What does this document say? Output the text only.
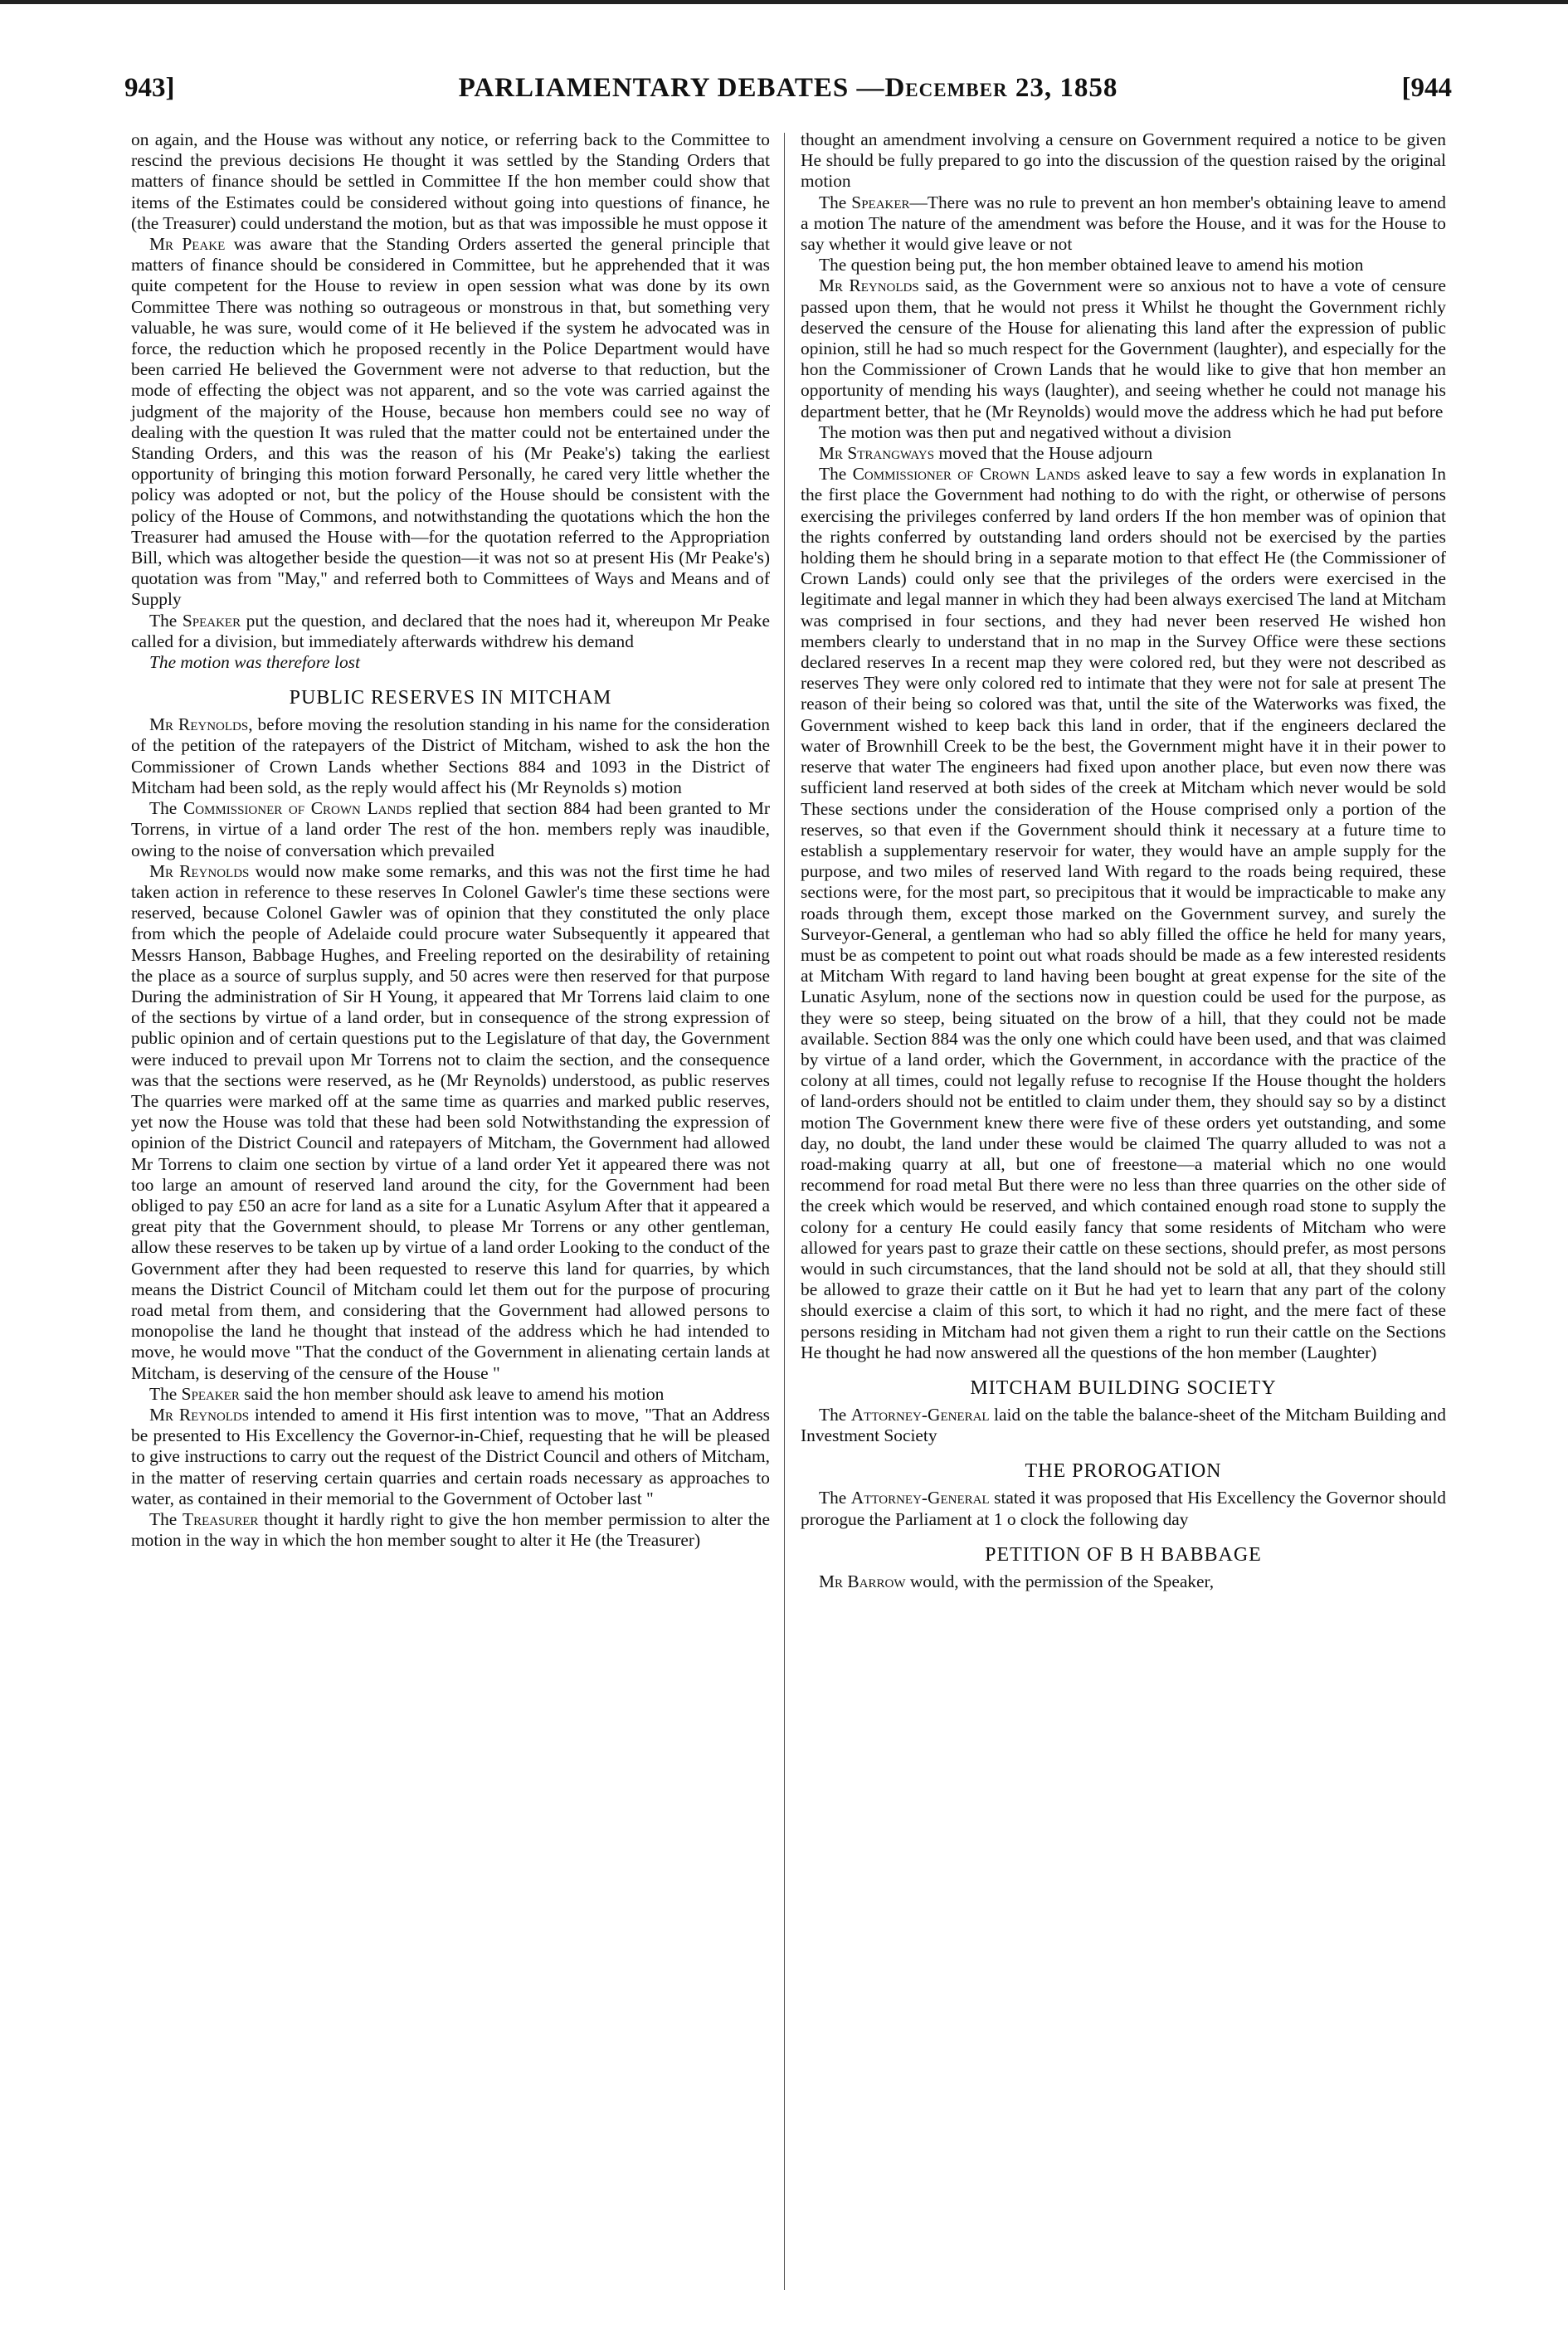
943]	PARLIAMENTARY DEBATES —December 23, 1858	[944

on again, and the House was without any notice, or referring back to the Committee to rescind the previous decisions He thought it was settled by the Standing Orders that matters of finance should be settled in Committee If the hon member could show that items of the Estimates could be considered without going into questions of finance, he (the Treasurer) could understand the motion, but as that was impossible he must oppose it

Mr Peake was aware that the Standing Orders asserted the general principle that matters of finance should be considered in Committee, but he apprehended that it was quite competent for the House to review in open session what was done by its own Committee There was nothing so outrageous or monstrous in that, but something very valuable, he was sure, would come of it He believed if the system he advocated was in force, the reduction which he proposed recently in the Police Department would have been carried He believed the Government were not adverse to that reduction, but the mode of effecting the object was not apparent, and so the vote was carried against the judgment of the majority of the House, because hon members could see no way of dealing with the question It was ruled that the matter could not be entertained under the Standing Orders, and this was the reason of his (Mr Peake's) taking the earliest opportunity of bringing this motion forward Personally, he cared very little whether the policy was adopted or not, but the policy of the House should be consistent with the policy of the House of Commons, and notwithstanding the quotations which the hon the Treasurer had amused the House with—for the quotation referred to the Appropriation Bill, which was altogether beside the question—it was not so at present His (Mr Peake's) quotation was from "May," and referred both to Committees of Ways and Means and of Supply

The Speaker put the question, and declared that the noes had it, whereupon Mr Peake called for a division, but immediately afterwards withdrew his demand

The motion was therefore lost

PUBLIC RESERVES IN MITCHAM

Mr Reynolds, before moving the resolution standing in his name for the consideration of the petition of the ratepayers of the District of Mitcham, wished to ask the hon the Commissioner of Crown Lands whether Sections 884 and 1093 in the District of Mitcham had been sold, as the reply would affect his (Mr Reynolds s) motion

The Commissioner of Crown Lands replied that section 884 had been granted to Mr Torrens, in virtue of a land order The rest of the hon. members reply was inaudible, owing to the noise of conversation which prevailed

Mr Reynolds would now make some remarks, and this was not the first time he had taken action in reference to these reserves In Colonel Gawler's time these sections were reserved, because Colonel Gawler was of opinion that they constituted the only place from which the people of Adelaide could procure water Subsequently it appeared that Messrs Hanson, Babbage Hughes, and Freeling reported on the desirability of retaining the place as a source of surplus supply, and 50 acres were then reserved for that purpose During the administration of Sir H Young, it appeared that Mr Torrens laid claim to one of the sections by virtue of a land order, but in consequence of the strong expression of public opinion and of certain questions put to the Legislature of that day, the Government were induced to prevail upon Mr Torrens not to claim the section, and the consequence was that the sections were reserved, as he (Mr Reynolds) understood, as public reserves The quarries were marked off at the same time as quarries and marked public reserves, yet now the House was told that these had been sold Notwithstanding the expression of opinion of the District Council and ratepayers of Mitcham, the Government had allowed Mr Torrens to claim one section by virtue of a land order Yet it appeared there was not too large an amount of reserved land around the city, for the Government had been obliged to pay £50 an acre for land as a site for a Lunatic Asylum After that it appeared a great pity that the Government should, to please Mr Torrens or any other gentleman, allow these reserves to be taken up by virtue of a land order Looking to the conduct of the Government after they had been requested to reserve this land for quarries, by which means the District Council of Mitcham could let them out for the purpose of procuring road metal from them, and considering that the Government had allowed persons to monopolise the land he thought that instead of the address which he had intended to move, he would move "That the conduct of the Government in alienating certain lands at Mitcham, is deserving of the censure of the House "

The Speaker said the hon member should ask leave to amend his motion

Mr Reynolds intended to amend it His first intention was to move, "That an Address be presented to His Excellency the Governor-in-Chief, requesting that he will be pleased to give instructions to carry out the request of the District Council and others of Mitcham, in the matter of reserving certain quarries and certain roads necessary as approaches to water, as contained in their memorial to the Government of October last "

The Treasurer thought it hardly right to give the hon member permission to alter the motion in the way in which the hon member sought to alter it He (the Treasurer)

thought an amendment involving a censure on Government required a notice to be given He should be fully prepared to go into the discussion of the question raised by the original motion

The Speaker—There was no rule to prevent an hon member's obtaining leave to amend a motion The nature of the amendment was before the House, and it was for the House to say whether it would give leave or not

The question being put, the hon member obtained leave to amend his motion

Mr Reynolds said, as the Government were so anxious not to have a vote of censure passed upon them, that he would not press it Whilst he thought the Government richly deserved the censure of the House for alienating this land after the expression of public opinion, still he had so much respect for the Government (laughter), and especially for the hon the Commissioner of Crown Lands that he would like to give that hon member an opportunity of mending his ways (laughter), and seeing whether he could not manage his department better, that he (Mr Reynolds) would move the address which he had put before

The motion was then put and negatived without a division

Mr Strangways moved that the House adjourn

The Commissioner of Crown Lands asked leave to say a few words in explanation In the first place the Government had nothing to do with the right, or otherwise of persons exercising the privileges conferred by land orders If the hon member was of opinion that the rights conferred by outstanding land orders should not be exercised by the parties holding them he should bring in a separate motion to that effect He (the Commissioner of Crown Lands) could only see that the privileges of the orders were exercised in the legitimate and legal manner in which they had been always exercised The land at Mitcham was comprised in four sections, and they had never been reserved He wished hon members clearly to understand that in no map in the Survey Office were these sections declared reserves In a recent map they were colored red, but they were not described as reserves They were only colored red to intimate that they were not for sale at present The reason of their being so colored was that, until the site of the Waterworks was fixed, the Government wished to keep back this land in order, that if the engineers declared the water of Brownhill Creek to be the best, the Government might have it in their power to reserve that water The engineers had fixed upon another place, but even now there was sufficient land reserved at both sides of the creek at Mitcham which never would be sold These sections under the consideration of the House comprised only a portion of the reserves, so that even if the Government should think it necessary at a future time to establish a supplementary reservoir for water, they would have an ample supply for the purpose, and two miles of reserved land With regard to the roads being required, these sections were, for the most part, so precipitous that it would be impracticable to make any roads through them, except those marked on the Government survey, and surely the Surveyor-General, a gentleman who had so ably filled the office he held for many years, must be as competent to point out what roads should be made as a few interested residents at Mitcham With regard to land having been bought at great expense for the site of the Lunatic Asylum, none of the sections now in question could be used for the purpose, as they were so steep, being situated on the brow of a hill, that they could not be made available. Section 884 was the only one which could have been used, and that was claimed by virtue of a land order, which the Government, in accordance with the practice of the colony at all times, could not legally refuse to recognise If the House thought the holders of land-orders should not be entitled to claim under them, they should say so by a distinct motion The Government knew there were five of these orders yet outstanding, and some day, no doubt, the land under these would be claimed The quarry alluded to was not a road-making quarry at all, but one of freestone—a material which no one would recommend for road metal But there were no less than three quarries on the other side of the creek which would be reserved, and which contained enough road stone to supply the colony for a century He could easily fancy that some residents of Mitcham who were allowed for years past to graze their cattle on these sections, should prefer, as most persons would in such circumstances, that the land should not be sold at all, that they should still be allowed to graze their cattle on it But he had yet to learn that any part of the colony should exercise a claim of this sort, to which it had no right, and the mere fact of these persons residing in Mitcham had not given them a right to run their cattle on the Sections He thought he had now answered all the questions of the hon member (Laughter)

MITCHAM BUILDING SOCIETY

The Attorney-General laid on the table the balance-sheet of the Mitcham Building and Investment Society

THE PROROGATION

The Attorney-General stated it was proposed that His Excellency the Governor should prorogue the Parliament at 1 o clock the following day

PETITION OF B H BABBAGE

Mr Barrow would, with the permission of the Speaker,
